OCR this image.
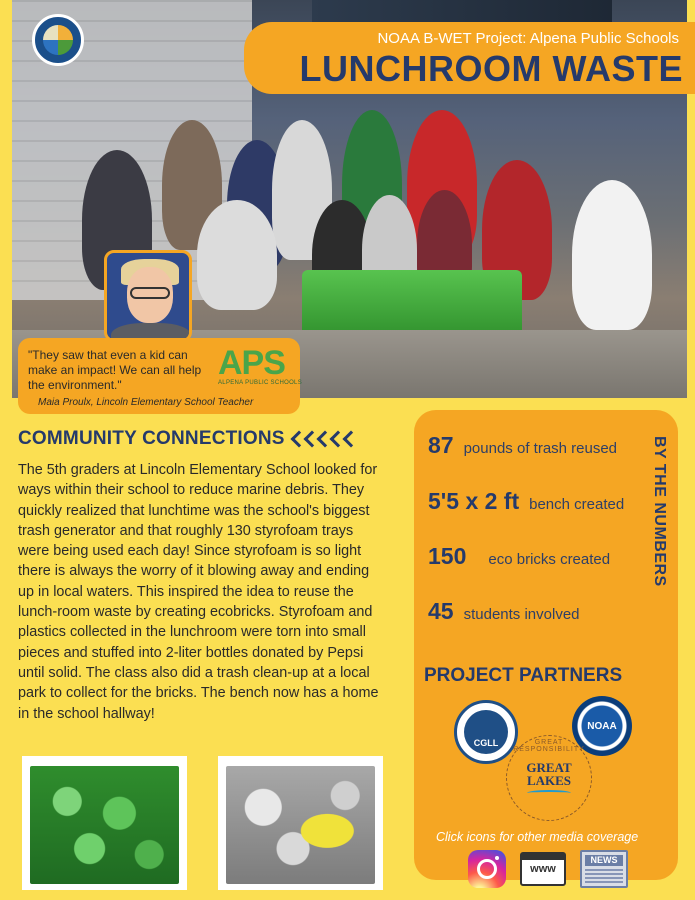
NOAA B-WET Project: Alpena Public Schools
LUNCHROOM WASTE
"They saw that even a kid can make an impact! We can all help the environment."
Maia Proulx, Lincoln Elementary School Teacher
APS
ALPENA PUBLIC SCHOOLS
COMMUNITY CONNECTIONS
The 5th graders at Lincoln Elementary School looked for ways within their school to reduce marine debris. They quickly realized that lunchtime was the school's biggest trash generator and that roughly 130 styrofoam trays were being used each day! Since styrofoam is so light there is always the worry of it blowing away and ending up in local waters. This inspired the idea to reuse the lunch-room waste by creating ecobricks. Styrofoam and plastics collected in the lunchroom were torn into small pieces and stuffed into 2-liter bottles donated by Pepsi until solid. The class also did a trash clean-up at a local park to collect for the bricks. The bench now has a home in the school hallway!
87 pounds of trash reused
5'5 x 2 ft bench created
150 eco bricks created
45 students involved
BY THE NUMBERS
PROJECT PARTNERS
CGLL
NOAA
GREAT RESPONSIBILITY
GREAT LAKES
Click icons for other media coverage
www
NEWS
